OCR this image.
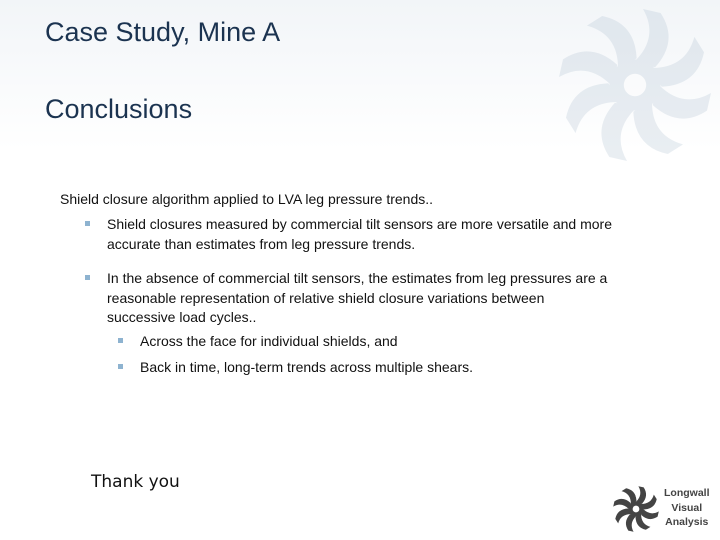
Case Study, Mine A
Conclusions
Shield closure algorithm applied to LVA leg pressure trends..
Shield closures measured by commercial tilt sensors are more versatile and more accurate than estimates from leg pressure trends.
In the absence of commercial tilt sensors, the estimates from leg pressures are a reasonable representation of relative shield closure variations between successive load cycles..
Across the face for individual shields, and
Back in time, long-term trends across multiple shears.
Thank you
Longwall
Visual
Analysis
